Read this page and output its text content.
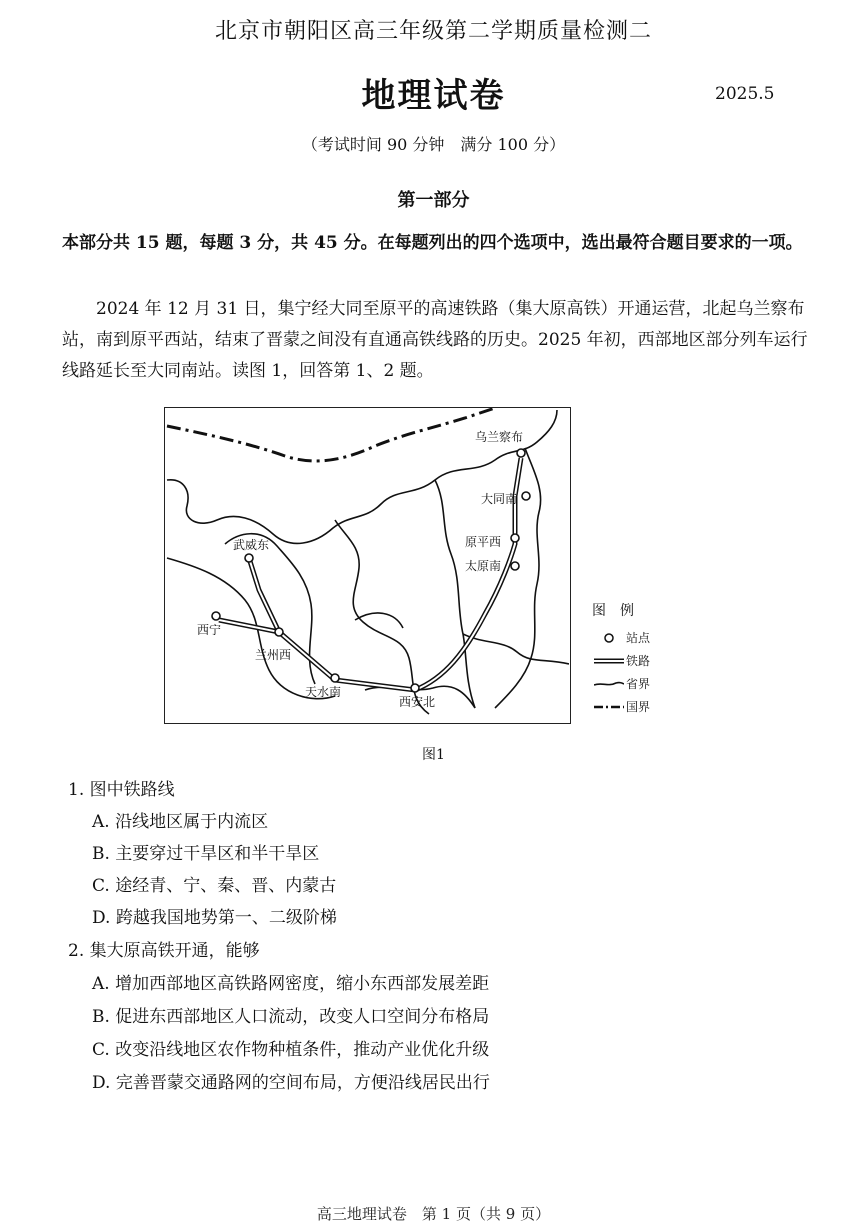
北京市朝阳区高三年级第二学期质量检测二
地理试卷	2025.5
（考试时间 90 分钟　满分 100 分）
第一部分
本部分共 15 题，每题 3 分，共 45 分。在每题列出的四个选项中，选出最符合题目要求的一项。
2024 年 12 月 31 日，集宁经大同至原平的高速铁路（集大原高铁）开通运营，北起乌兰察布站，南到原平西站，结束了晋蒙之间没有直通高铁线路的历史。2025 年初，西部地区部分列车运行线路延长至大同南站。读图 1，回答第 1、2 题。
乌兰察布
大同南
原平西
太原南
武威东
西宁
兰州西
天水南
西安北
图　例
站点
铁路
省界
国界
图1
1. 图中铁路线
A. 沿线地区属于内流区
B. 主要穿过干旱区和半干旱区
C. 途经青、宁、秦、晋、内蒙古
D. 跨越我国地势第一、二级阶梯
2. 集大原高铁开通，能够
A. 增加西部地区高铁路网密度，缩小东西部发展差距
B. 促进东西部地区人口流动，改变人口空间分布格局
C. 改变沿线地区农作物种植条件，推动产业优化升级
D. 完善晋蒙交通路网的空间布局，方便沿线居民出行
高三地理试卷　第 1 页（共 9 页）
